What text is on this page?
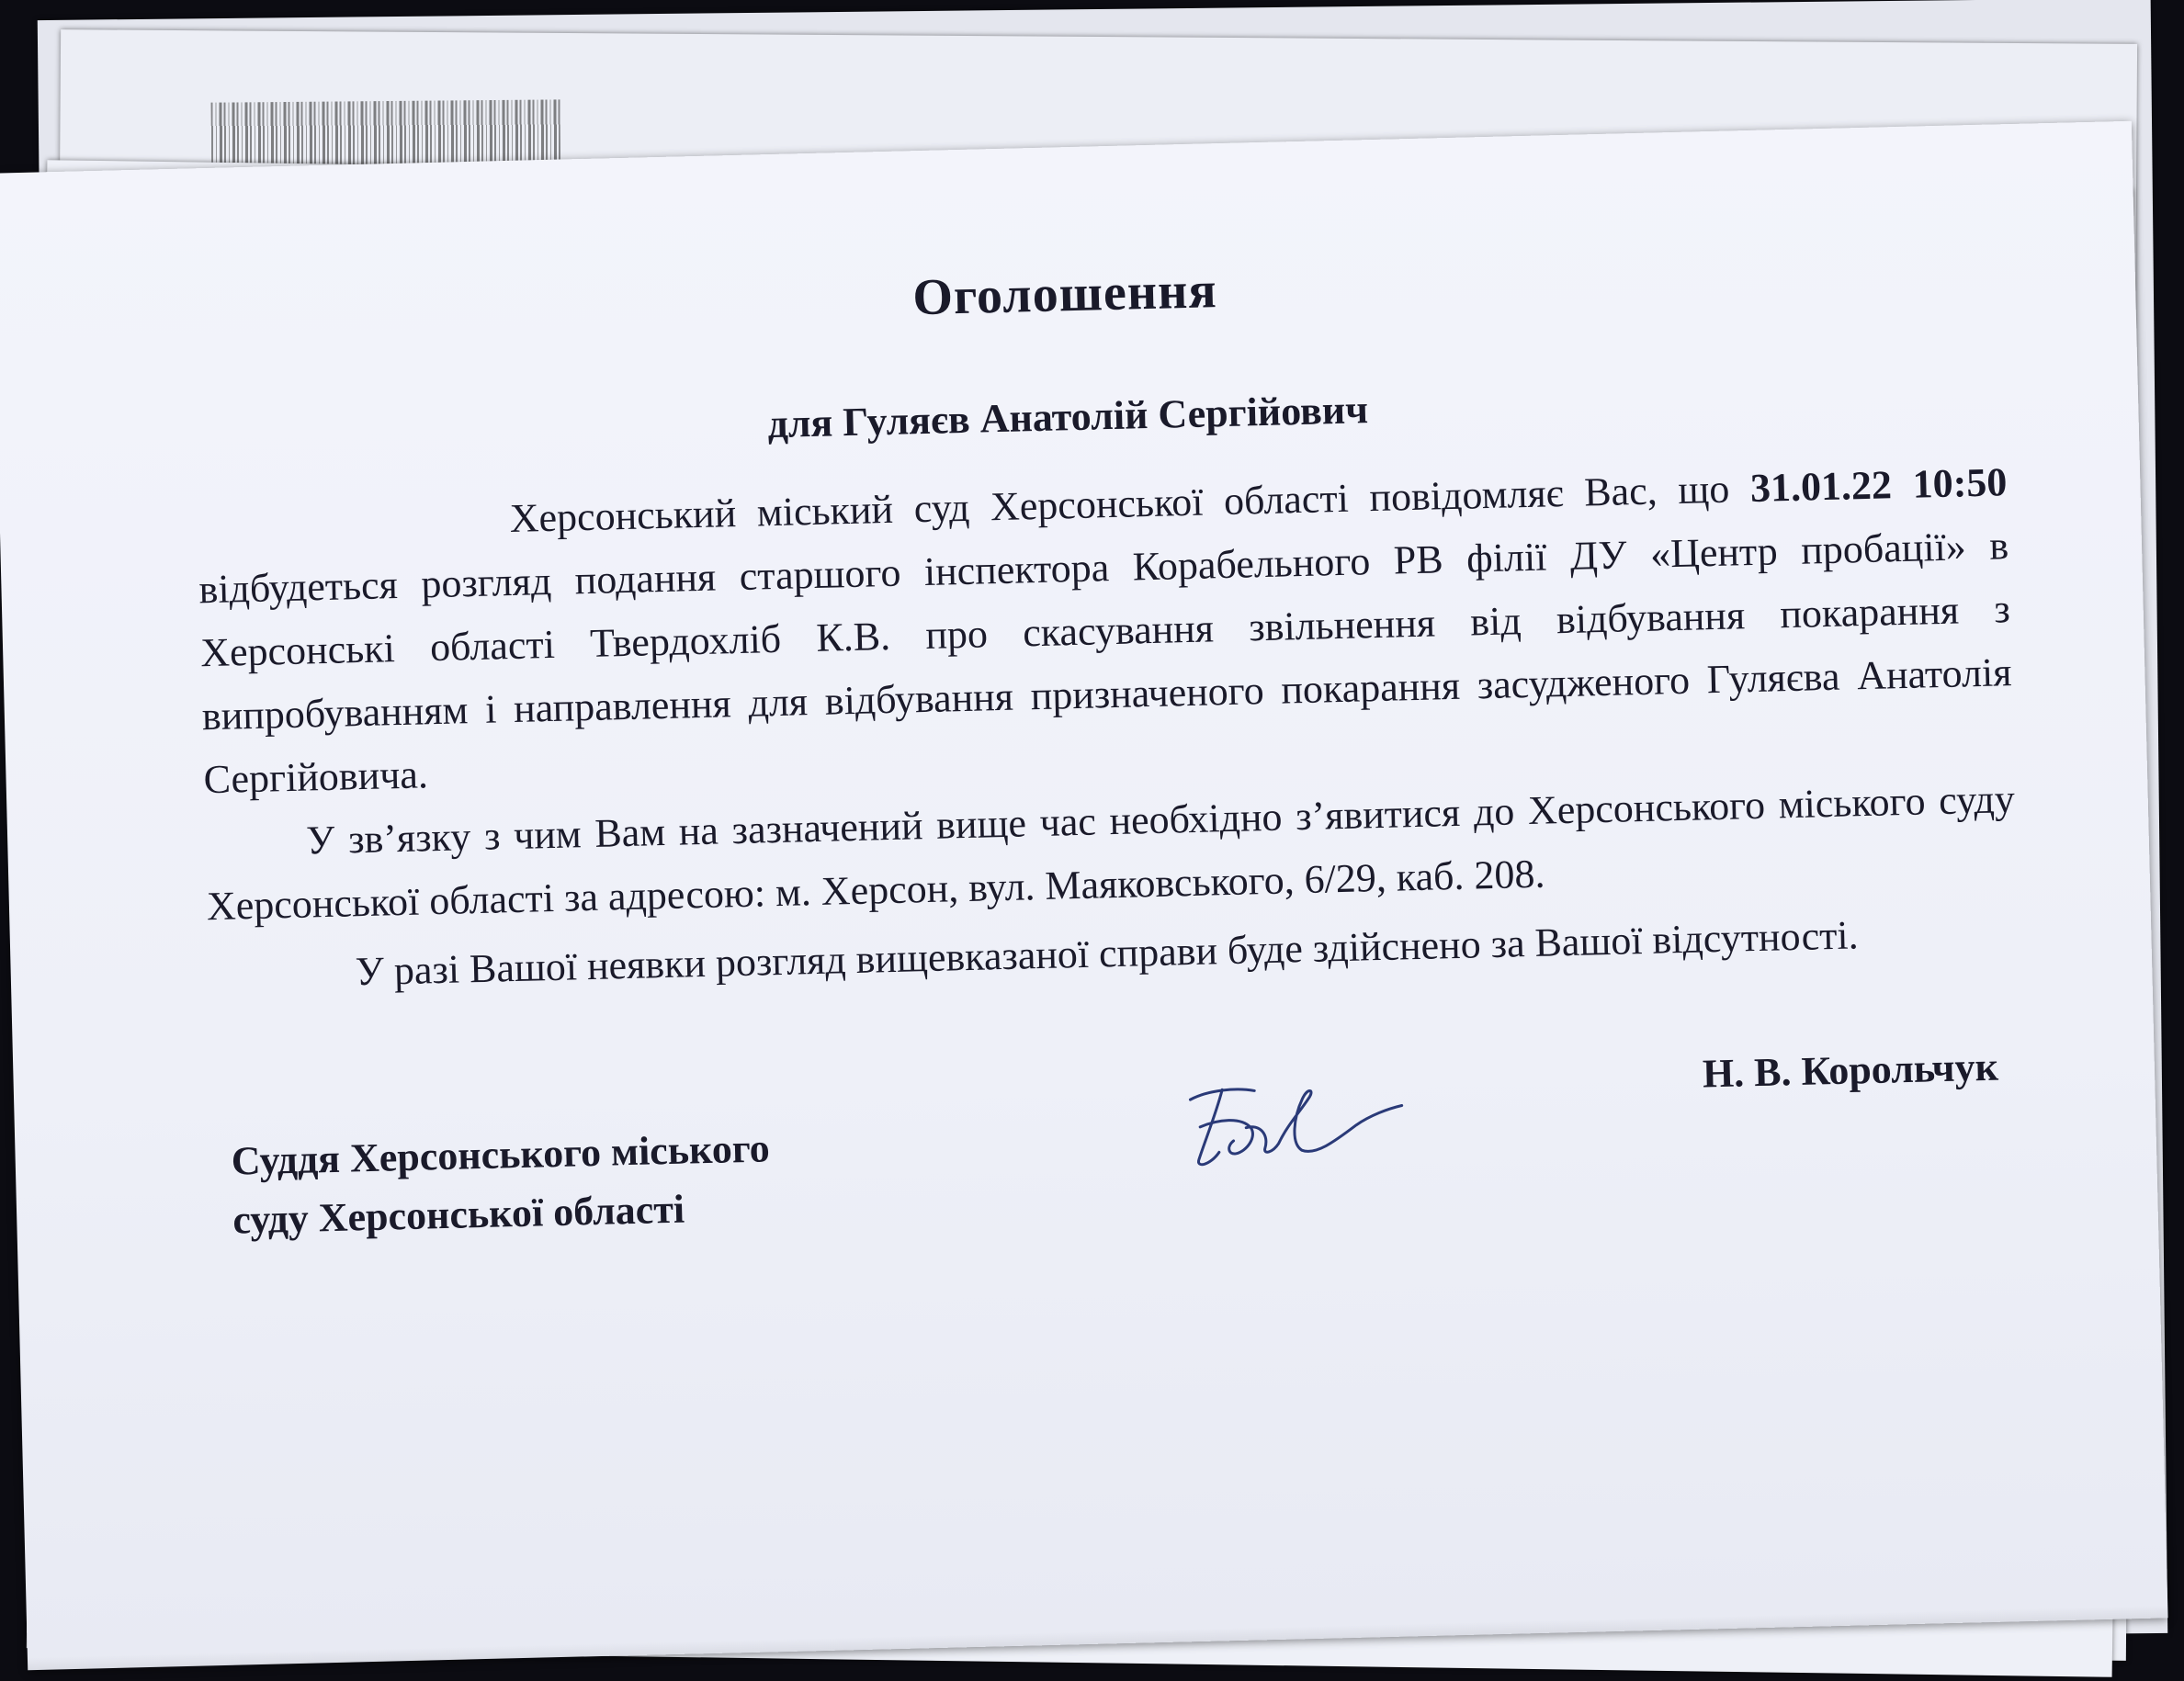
Оголошення
для Гуляєв Анатолій Сергійович

Херсонський міський суд Херсонської області повідомляє Вас, що 31.01.22 10:50 відбудеться розгляд подання старшого інспектора Корабельного РВ філії ДУ «Центр пробації» в Херсонські області Твердохліб К.В. про скасування звільнення від відбування покарання з випробуванням і направлення для відбування призначеного покарання засудженого Гуляєва Анатолія Сергійовича.

У зв’язку з чим Вам на зазначений вище час необхідно з’явитися до Херсонського міського суду Херсонської області за адресою: м. Херсон, вул. Маяковського, 6/29, каб. 208.

У разі Вашої неявки розгляд вищевказаної справи буде здійснено за Вашої відсутності.

Н. В. Корольчук
Суддя Херсонського міського
суду Херсонської області
